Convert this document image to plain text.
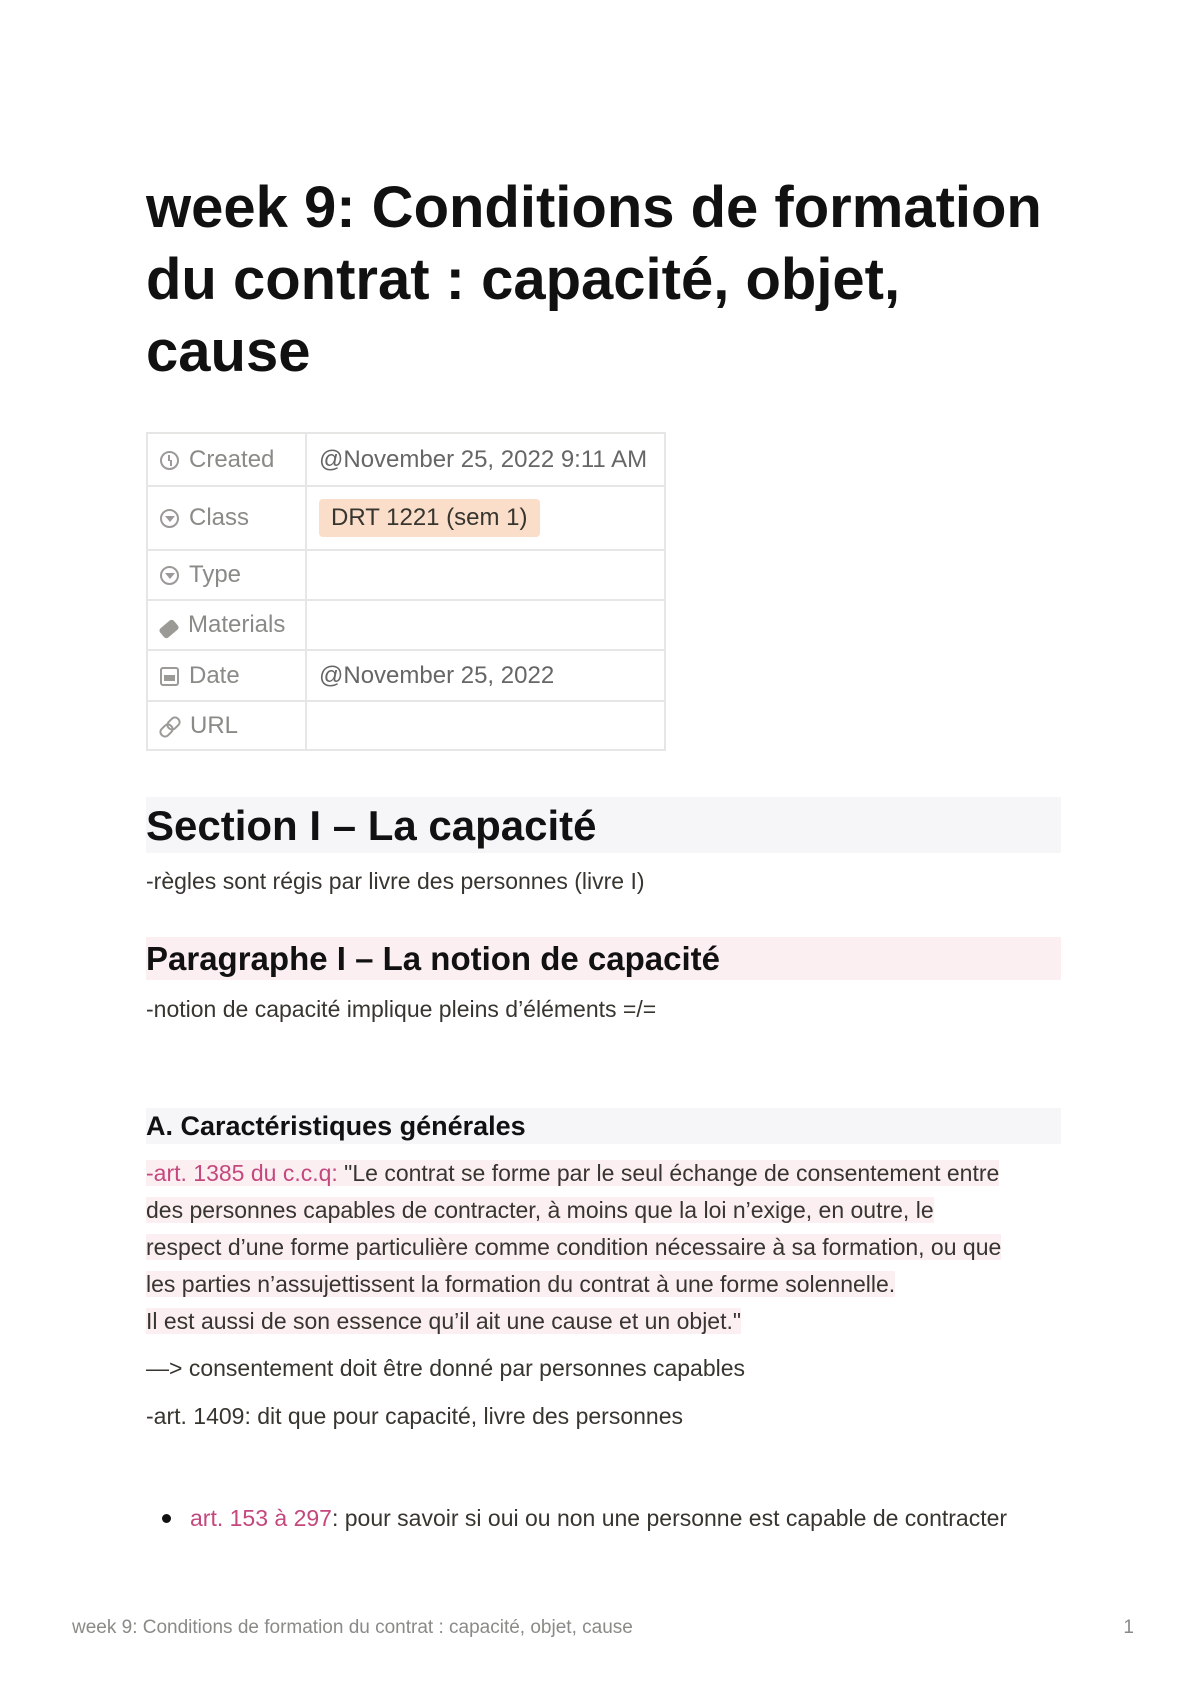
week 9: Conditions de formation du contrat : capacité, objet, cause
Created	@November 25, 2022 9:11 AM
Class	DRT 1221 (sem 1)
Type	
Materials	
Date	@November 25, 2022
URL	
Section I – La capacité

-règles sont régis par livre des personnes (livre I)

Paragraphe I – La notion de capacité

-notion de capacité implique pleins d’éléments =/=

A. Caractéristiques générales
-art. 1385 du c.c.q: "Le contrat se forme par le seul échange de consentement entre
des personnes capables de contracter, à moins que la loi n’exige, en outre, le
respect d’une forme particulière comme condition nécessaire à sa formation, ou que
les parties n’assujettissent la formation du contrat à une forme solennelle.
Il est aussi de son essence qu’il ait une cause et un objet."

—> consentement doit être donné par personnes capables

-art. 1409: dit que pour capacité, livre des personnes

art. 153 à 297: pour savoir si oui ou non une personne est capable de contracter
week 9: Conditions de formation du contrat : capacité, objet, cause	1
